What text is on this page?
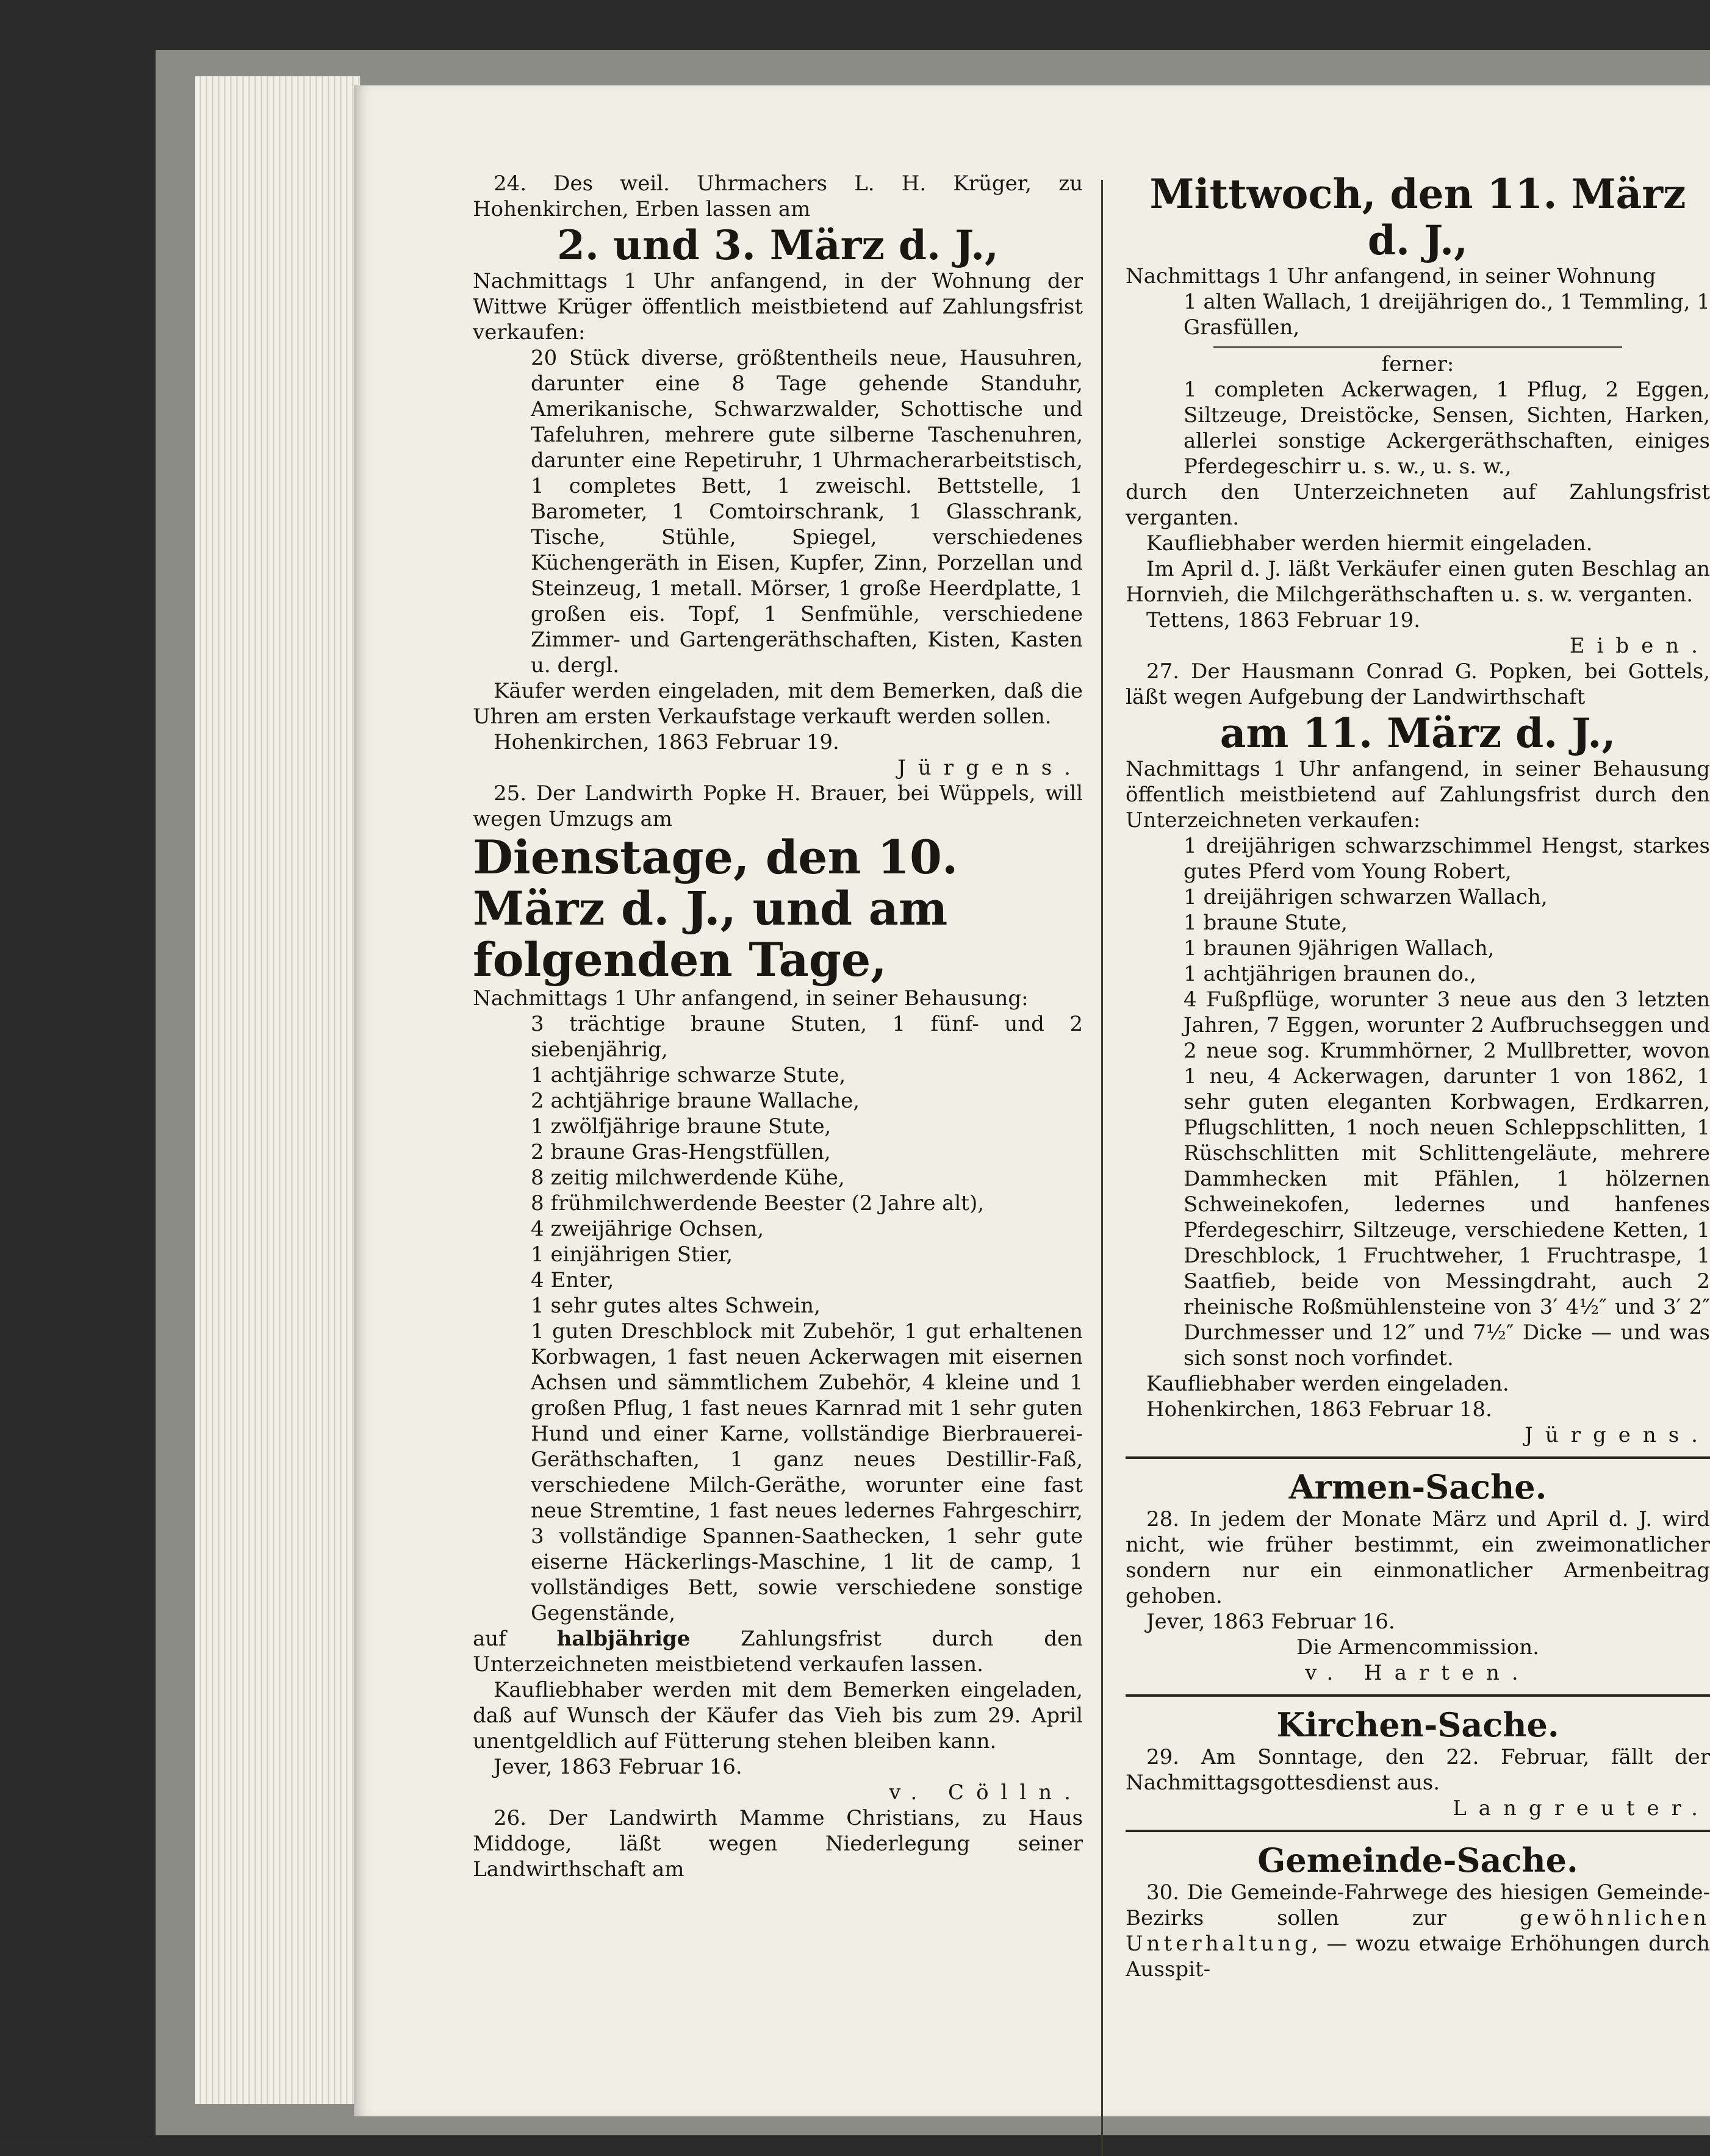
24. Des weil. Uhrmachers L. H. Krüger, zu Hohenkirchen, Erben lassen am

2. und 3. März d. J.,

Nachmittags 1 Uhr anfangend, in der Wohnung der Wittwe Krüger öffentlich meistbietend auf Zahlungsfrist verkaufen:

20 Stück diverse, größtentheils neue, Hausuhren, darunter eine 8 Tage gehende Standuhr, Amerikanische, Schwarzwalder, Schottische und Tafeluhren, mehrere gute silberne Taschenuhren, darunter eine Repetiruhr, 1 Uhrmacherarbeitstisch, 1 completes Bett, 1 zweischl. Bettstelle, 1 Barometer, 1 Comtoirschrank, 1 Glasschrank, Tische, Stühle, Spiegel, verschiedenes Küchengeräth in Eisen, Kupfer, Zinn, Porzellan und Steinzeug, 1 metall. Mörser, 1 große Heerdplatte, 1 großen eis. Topf, 1 Senfmühle, verschiedene Zimmer- und Gartengeräthschaften, Kisten, Kasten u. dergl.

Käufer werden eingeladen, mit dem Bemerken, daß die Uhren am ersten Verkaufstage verkauft werden sollen.

Hohenkirchen, 1863 Februar 19.

Jürgens.

25. Der Landwirth Popke H. Brauer, bei Wüppels, will wegen Umzugs am

Dienstage, den 10. März d. J., und am folgenden Tage,

Nachmittags 1 Uhr anfangend, in seiner Behausung:

3 trächtige braune Stuten, 1 fünf- und 2 siebenjährig,

1 achtjährige schwarze Stute,

2 achtjährige braune Wallache,

1 zwölfjährige braune Stute,

2 braune Gras-Hengstfüllen,

8 zeitig milchwerdende Kühe,

8 frühmilchwerdende Beester (2 Jahre alt),

4 zweijährige Ochsen,

1 einjährigen Stier,

4 Enter,

1 sehr gutes altes Schwein,

1 guten Dreschblock mit Zubehör, 1 gut erhaltenen Korbwagen, 1 fast neuen Ackerwagen mit eisernen Achsen und sämmtlichem Zubehör, 4 kleine und 1 großen Pflug, 1 fast neues Karnrad mit 1 sehr guten Hund und einer Karne, vollständige Bierbrauerei-Geräthschaften, 1 ganz neues Destillir-Faß, verschiedene Milch-Geräthe, worunter eine fast neue Stremtine, 1 fast neues ledernes Fahrgeschirr, 3 vollständige Spannen-Saathecken, 1 sehr gute eiserne Häckerlings-Maschine, 1 lit de camp, 1 vollständiges Bett, sowie verschiedene sonstige Gegenstände,

auf halbjährige Zahlungsfrist durch den Unterzeichneten meistbietend verkaufen lassen.

Kaufliebhaber werden mit dem Bemerken eingeladen, daß auf Wunsch der Käufer das Vieh bis zum 29. April unentgeldlich auf Fütterung stehen bleiben kann.

Jever, 1863 Februar 16.

v. Cölln.

26. Der Landwirth Mamme Christians, zu Haus Middoge, läßt wegen Niederlegung seiner Landwirthschaft am

Mittwoch, den 11. März d. J.,

Nachmittags 1 Uhr anfangend, in seiner Wohnung

1 alten Wallach, 1 dreijährigen do., 1 Temmling, 1 Grasfüllen,

ferner:

1 completen Ackerwagen, 1 Pflug, 2 Eggen, Siltzeuge, Dreistöcke, Sensen, Sichten, Harken, allerlei sonstige Ackergeräthschaften, einiges Pferdegeschirr u. s. w., u. s. w.,

durch den Unterzeichneten auf Zahlungsfrist verganten.

Kaufliebhaber werden hiermit eingeladen.

Im April d. J. läßt Verkäufer einen guten Beschlag an Hornvieh, die Milchgeräthschaften u. s. w. verganten.

Tettens, 1863 Februar 19.

Eiben.

27. Der Hausmann Conrad G. Popken, bei Gottels, läßt wegen Aufgebung der Landwirthschaft

am 11. März d. J.,

Nachmittags 1 Uhr anfangend, in seiner Behausung öffentlich meistbietend auf Zahlungsfrist durch den Unterzeichneten verkaufen:

1 dreijährigen schwarzschimmel Hengst, starkes gutes Pferd vom Young Robert,

1 dreijährigen schwarzen Wallach,

1 braune Stute,

1 braunen 9jährigen Wallach,

1 achtjährigen braunen do.,

4 Fußpflüge, worunter 3 neue aus den 3 letzten Jahren, 7 Eggen, worunter 2 Aufbruchseggen und 2 neue sog. Krummhörner, 2 Mullbretter, wovon 1 neu, 4 Ackerwagen, darunter 1 von 1862, 1 sehr guten eleganten Korbwagen, Erdkarren, Pflugschlitten, 1 noch neuen Schleppschlitten, 1 Rüschschlitten mit Schlittengeläute, mehrere Dammhecken mit Pfählen, 1 hölzernen Schweinekofen, ledernes und hanfenes Pferdegeschirr, Siltzeuge, verschiedene Ketten, 1 Dreschblock, 1 Fruchtweher, 1 Fruchtraspe, 1 Saatfieb, beide von Messingdraht, auch 2 rheinische Roßmühlensteine von 3′ 4½″ und 3′ 2″ Durchmesser und 12″ und 7½″ Dicke — und was sich sonst noch vorfindet.

Kaufliebhaber werden eingeladen.

Hohenkirchen, 1863 Februar 18.

Jürgens.

Armen-Sache.

28. In jedem der Monate März und April d. J. wird nicht, wie früher bestimmt, ein zweimonatlicher sondern nur ein einmonatlicher Armenbeitrag gehoben.

Jever, 1863 Februar 16.

Die Armencommission.

v. Harten.

Kirchen-Sache.

29. Am Sonntage, den 22. Februar, fällt der Nachmittagsgottesdienst aus.

Langreuter.

Gemeinde-Sache.

30. Die Gemeinde-Fahrwege des hiesigen Gemeinde-Bezirks sollen zur gewöhnlichen Unterhaltung, — wozu etwaige Erhöhungen durch Ausspit-
